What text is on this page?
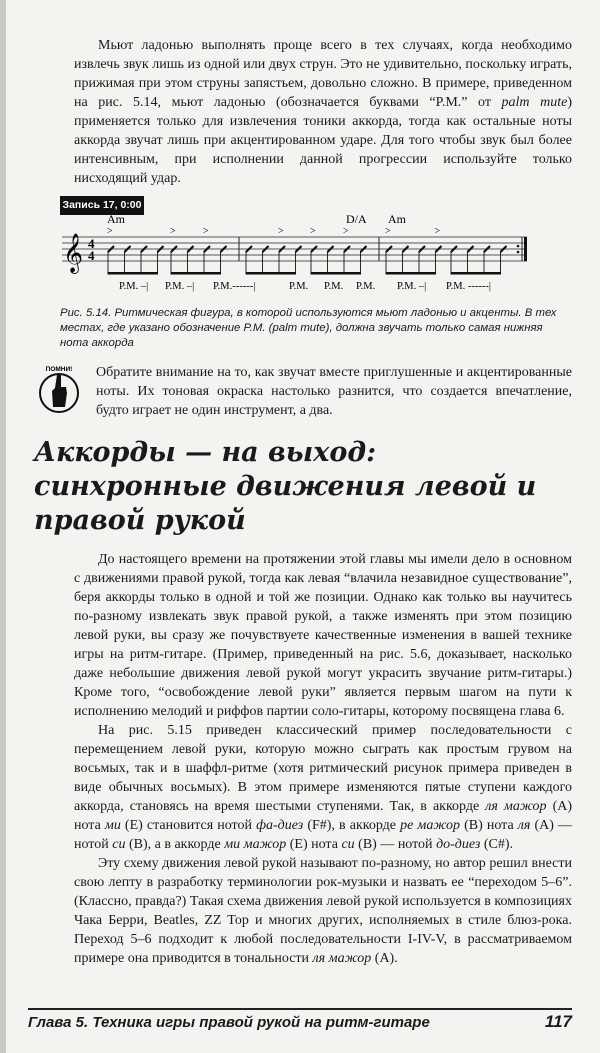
Мьют ладонью выполнять проще всего в тех случаях, когда необходимо извлечь звук лишь из одной или двух струн. Это не удивительно, поскольку играть, прижимая при этом струны запястьем, довольно сложно. В примере, приведенном на рис. 5.14, мьют ладонью (обозначается буквами “P.M.” от palm mute) применяется только для извлечения тоники аккорда, тогда как остальные ноты аккорда звучат лишь при акцентированном ударе. Для того чтобы звук был более интенсивным, при исполнении данной прогрессии используйте только нисходящий удар.

Запись 17, 0:00
𝄞 4
4
>	>	>	>	>	>	>	>
Am	D/A Am
P.M. –| P.M. –| P.M.------|	P.M. P.M. P.M. P.M. –| P.M. ------|

Рис. 5.14. Ритмическая фигура, в которой используются мьют ладонью и акценты. В тех местах, где указано обозначение P.M. (palm mute), должна звучать только самая нижняя нота аккорда

ПОМНИ! Обратите внимание на то, как звучат вместе приглушенные и акцентированные ноты. Их тоновая окраска настолько разнится, что создается впечатление, будто играет не один инструмент, а два.

Аккорды — на выход: синхронные движения левой и правой рукой

До настоящего времени на протяжении этой главы мы имели дело в основном с движениями правой рукой, тогда как левая “влачила незавидное существование”, беря аккорды только в одной и той же позиции. Однако как только вы научитесь по-разному извлекать звук правой рукой, а также изменять при этом позицию левой руки, вы сразу же почувствуете качественные изменения в вашей технике игры на ритм-гитаре. (Пример, приведенный на рис. 5.6, доказывает, насколько даже небольшие движения левой рукой могут украсить звучание ритм-гитары.) Кроме того, “освобождение левой руки” является первым шагом на пути к исполнению мелодий и риффов партии соло-гитары, которому посвящена глава 6.

На рис. 5.15 приведен классический пример последовательности с перемещением левой руки, которую можно сыграть как простым грувом на восьмых, так и в шаффл-ритме (хотя ритмический рисунок примера приведен в виде обычных восьмых). В этом примере изменяются пятые ступени каждого аккорда, становясь на время шестыми ступенями. Так, в аккорде ля мажор (A) нота ми (E) становится нотой фа-диез (F#), в аккорде ре мажор (B) нота ля (A) — нотой си (B), а в аккорде ми мажор (E) нота си (B) — нотой до-диез (C#).

Эту схему движения левой рукой называют по-разному, но автор решил внести свою лепту в разработку терминологии рок-музыки и назвать ее “переходом 5–6”. (Классно, правда?) Такая схема движения левой рукой используется в композициях Чака Берри, Beatles, ZZ Top и многих других, исполняемых в стиле блюз-рока. Переход 5–6 подходит к любой последовательности I-IV-V, в рассматриваемом примере она приводится в тональности ля мажор (A).

Глава 5. Техника игры правой рукой на ритм-гитаре	117
